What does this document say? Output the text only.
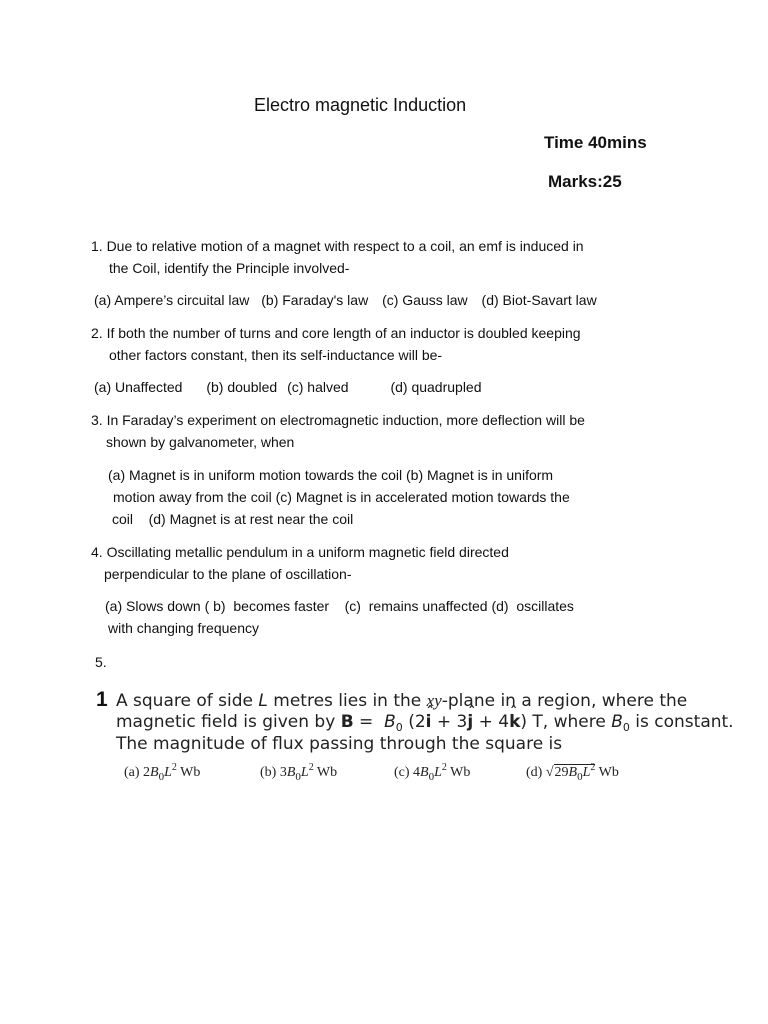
Electro magnetic Induction
Time 40mins
Marks:25
1. Due to relative motion of a magnet with respect to a coil, an emf is induced in
the Coil, identify the Principle involved-
(a) Ampere’s circuital law (b) Faraday's law (c) Gauss law (d) Biot-Savart law
2. If both the number of turns and core length of an inductor is doubled keeping
other factors constant, then its self-inductance will be-
(a) Unaffected (b) doubled (c) halved	(d) quadrupled
3. In Faraday’s experiment on electromagnetic induction, more deflection will be
shown by galvanometer, when
(a) Magnet is in uniform motion towards the coil (b) Magnet is in uniform
motion away from the coil (c) Magnet is in accelerated motion towards the
coil    (d) Magnet is at rest near the coil
4. Oscillating metallic pendulum in a uniform magnetic field directed
perpendicular to the plane of oscillation-
(a) Slows down ( b)  becomes faster    (c)  remains unaffected (d)  oscillates
with changing frequency
5.
1 A square of side L metres lies in the xy-plane in a region, where the
magnetic field is given by $B = B_0$ (2i ˆ + 3j ˆ + 4k ˆ) T, where $B_0$ is constant.
The magnitude of flux passing through the square is
(a) $2B_0L^2$ Wb	(b) $3B_0L^2$ Wb	(c) $4B_0L^2$ Wb	(d) $√29B_0L^2$ Wb
